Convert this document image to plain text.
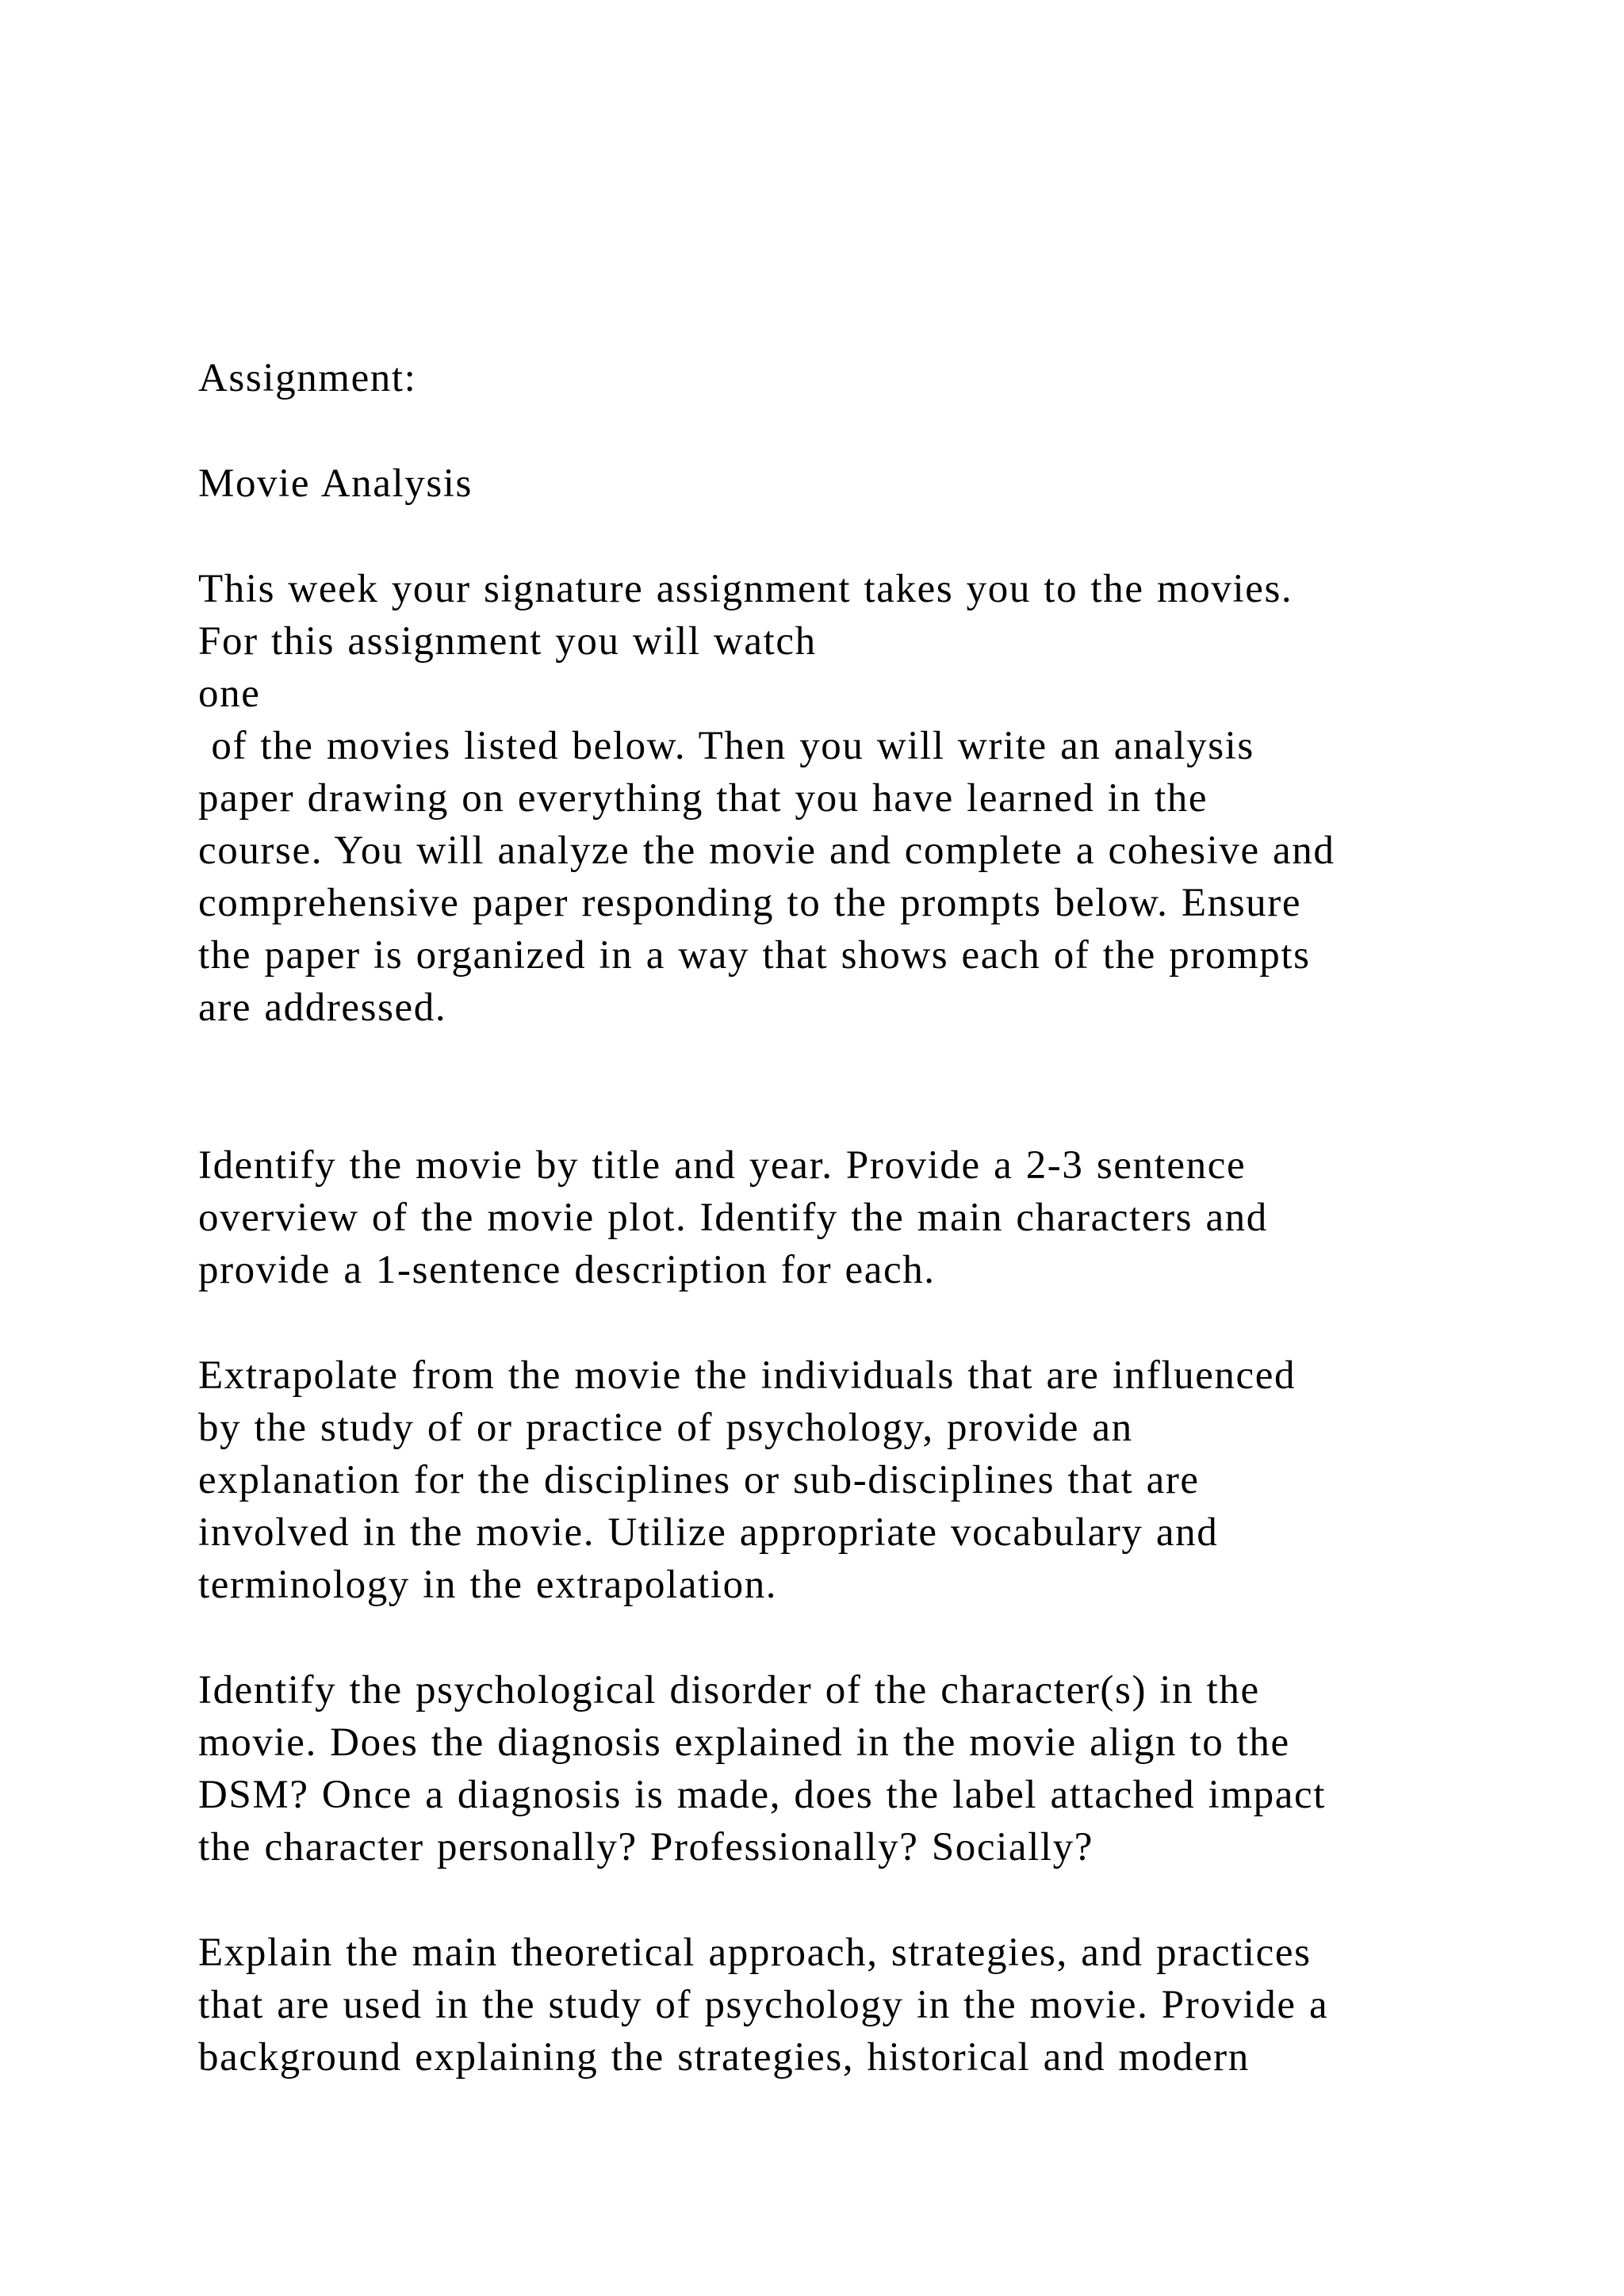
Assignment:

Movie Analysis

This week your signature assignment takes you to the movies.

For this assignment you will watch

one

of the movies listed below. Then you will write an analysis

paper drawing on everything that you have learned in the

course. You will analyze the movie and complete a cohesive and

comprehensive paper responding to the prompts below. Ensure

the paper is organized in a way that shows each of the prompts

are addressed.

Identify the movie by title and year. Provide a 2-3 sentence

overview of the movie plot. Identify the main characters and

provide a 1-sentence description for each.

Extrapolate from the movie the individuals that are influenced

by the study of or practice of psychology, provide an

explanation for the disciplines or sub-disciplines that are

involved in the movie. Utilize appropriate vocabulary and

terminology in the extrapolation.

Identify the psychological disorder of the character(s) in the

movie. Does the diagnosis explained in the movie align to the

DSM? Once a diagnosis is made, does the label attached impact

the character personally? Professionally? Socially?

Explain the main theoretical approach, strategies, and practices

that are used in the study of psychology in the movie. Provide a

background explaining the strategies, historical and modern
